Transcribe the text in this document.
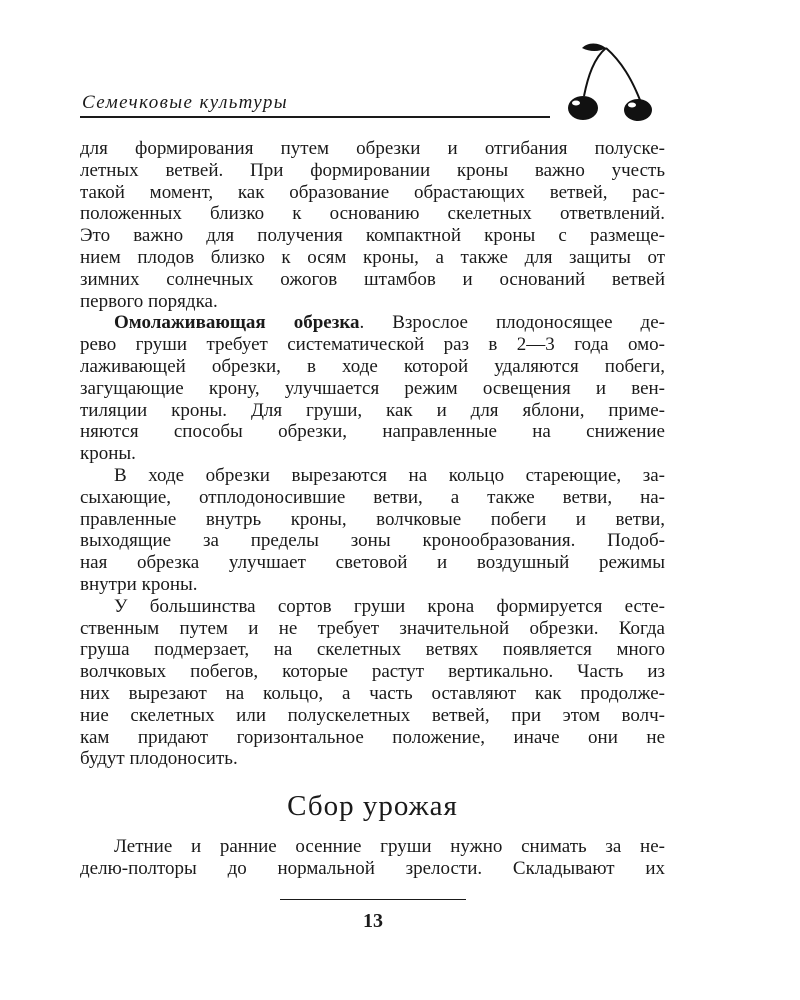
Семечковые культуры

для формирования путем обрезки и отгибания полуске-
летных ветвей. При формировании кроны важно учесть
такой момент, как образование обрастающих ветвей, рас-
положенных близко к основанию скелетных ответвлений.
Это важно для получения компактной кроны с размеще-
нием плодов близко к осям кроны, а также для защиты от
зимних солнечных ожогов штамбов и оснований ветвей
первого порядка.

Омолаживающая обрезка. Взрослое плодоносящее де-
рево груши требует систематической раз в 2—3 года омо-
лаживающей обрезки, в ходе которой удаляются побеги,
загущающие крону, улучшается режим освещения и вен-
тиляции кроны. Для груши, как и для яблони, приме-
няются способы обрезки, направленные на снижение
кроны.

В ходе обрезки вырезаются на кольцо стареющие, за-
сыхающие, отплодоносившие ветви, а также ветви, на-
правленные внутрь кроны, волчковые побеги и ветви,
выходящие за пределы зоны кронообразования. Подоб-
ная обрезка улучшает световой и воздушный режимы
внутри кроны.

У большинства сортов груши крона формируется есте-
ственным путем и не требует значительной обрезки. Когда
груша подмерзает, на скелетных ветвях появляется много
волчковых побегов, которые растут вертикально. Часть из
них вырезают на кольцо, а часть оставляют как продолже-
ние скелетных или полускелетных ветвей, при этом волч-
кам придают горизонтальное положение, иначе они не
будут плодоносить.

Сбор урожая

Летние и ранние осенние груши нужно снимать за не-
делю-полторы до нормальной зрелости. Складывают их

13
